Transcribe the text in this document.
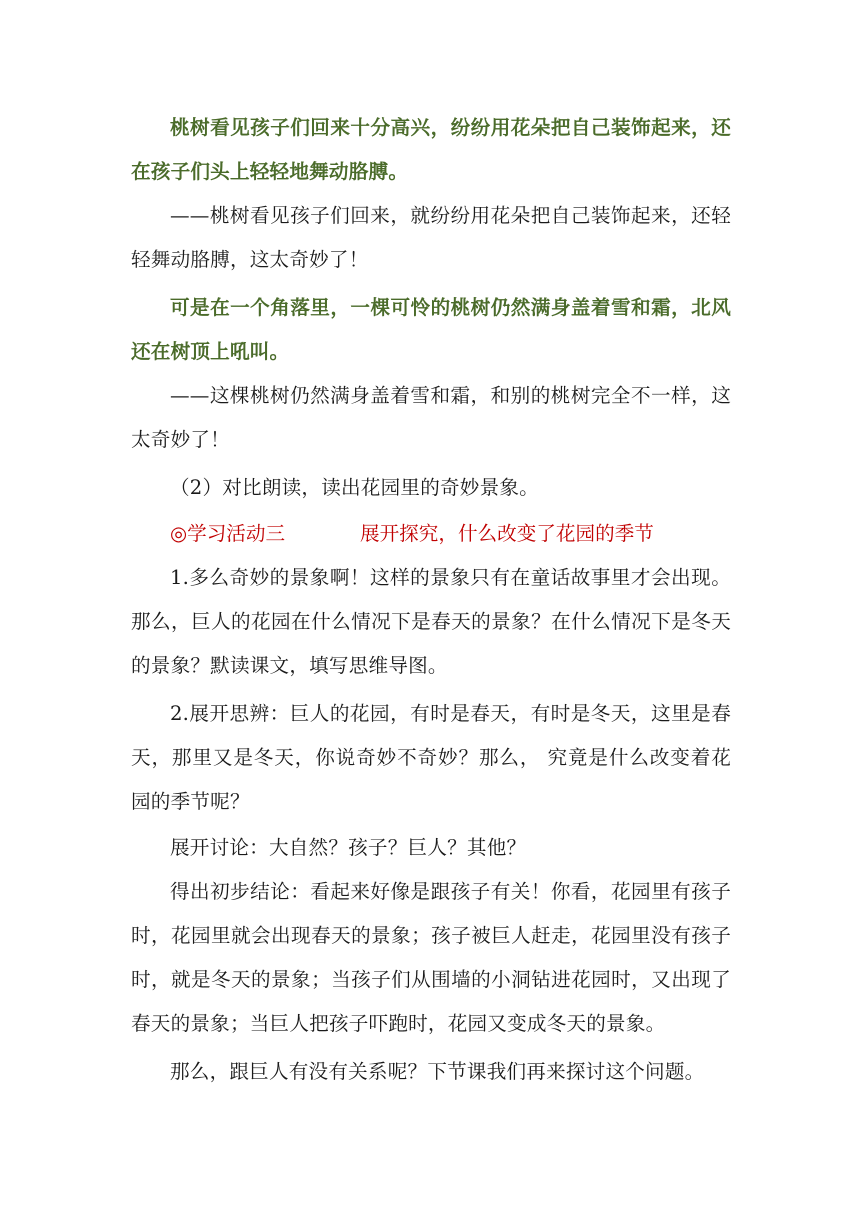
桃树看见孩子们回来十分高兴，纷纷用花朵把自己装饰起来，还在孩子们头上轻轻地舞动胳膊。

——桃树看见孩子们回来，就纷纷用花朵把自己装饰起来，还轻轻舞动胳膊，这太奇妙了！

可是在一个角落里，一棵可怜的桃树仍然满身盖着雪和霜，北风还在树顶上吼叫。

——这棵桃树仍然满身盖着雪和霜，和别的桃树完全不一样，这太奇妙了！

（2）对比朗读，读出花园里的奇妙景象。

◎学习活动三	展开探究，什么改变了花园的季节

1.多么奇妙的景象啊！这样的景象只有在童话故事里才会出现。那么，巨人的花园在什么情况下是春天的景象？在什么情况下是冬天的景象？默读课文，填写思维导图。

2.展开思辨：巨人的花园，有时是春天，有时是冬天，这里是春天，那里又是冬天，你说奇妙不奇妙？那么， 究竟是什么改变着花园的季节呢？

展开讨论：大自然？孩子？巨人？其他？

得出初步结论：看起来好像是跟孩子有关！你看，花园里有孩子时，花园里就会出现春天的景象；孩子被巨人赶走，花园里没有孩子时，就是冬天的景象；当孩子们从围墙的小洞钻进花园时，又出现了春天的景象；当巨人把孩子吓跑时，花园又变成冬天的景象。

那么，跟巨人有没有关系呢？下节课我们再来探讨这个问题。
